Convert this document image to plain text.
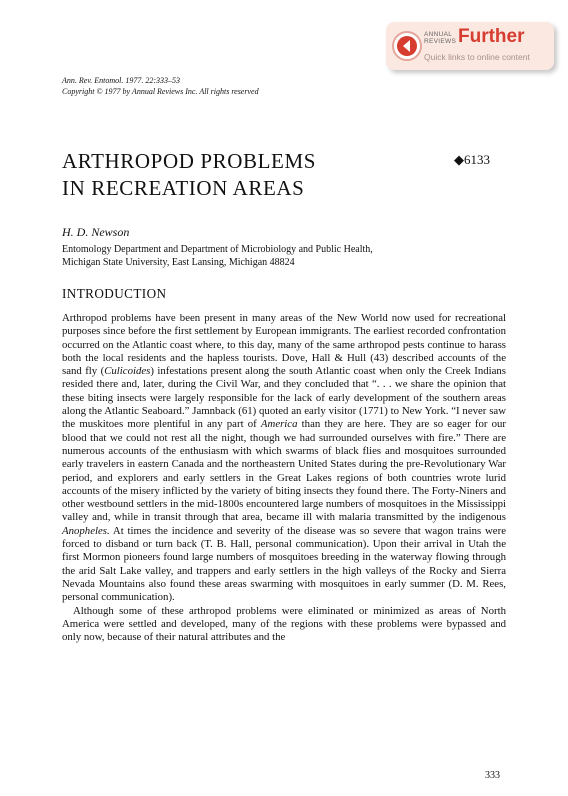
ANNUAL
REVIEWS Further
Quick links to online content
Ann. Rev. Entomol. 1977. 22:333–53
Copyright © 1977 by Annual Reviews Inc. All rights reserved
ARTHROPOD PROBLEMS
IN RECREATION AREAS
◆6133
H. D. Newson
Entomology Department and Department of Microbiology and Public Health,
Michigan State University, East Lansing, Michigan 48824
INTRODUCTION

Arthropod problems have been present in many areas of the New World now used for recreational purposes since before the first settlement by European immigrants. The earliest recorded confrontation occurred on the Atlantic coast where, to this day, many of the same arthropod pests continue to harass both the local residents and the hapless tourists. Dove, Hall & Hull (43) described accounts of the sand fly (Culicoides) infestations present along the south Atlantic coast when only the Creek Indians resided there and, later, during the Civil War, and they concluded that “. . . we share the opinion that these biting insects were largely responsible for the lack of early development of the southern areas along the Atlantic Seaboard.” Jamnback (61) quoted an early visitor (1771) to New York. “I never saw the muskitoes more plentiful in any part of America than they are here. They are so eager for our blood that we could not rest all the night, though we had surrounded ourselves with fire.” There are numerous accounts of the enthusiasm with which swarms of black flies and mosquitoes surrounded early travelers in eastern Canada and the northeastern United States during the pre-Revolutionary War period, and explorers and early settlers in the Great Lakes regions of both countries wrote lurid accounts of the misery inflicted by the variety of biting insects they found there. The Forty-Niners and other westbound settlers in the mid-1800s encountered large numbers of mosquitoes in the Mississippi valley and, while in transit through that area, became ill with malaria transmitted by the indigenous Anopheles. At times the incidence and severity of the disease was so severe that wagon trains were forced to disband or turn back (T. B. Hall, personal communication). Upon their arrival in Utah the first Mormon pioneers found large numbers of mosquitoes breeding in the waterway flowing through the arid Salt Lake valley, and trappers and early settlers in the high valleys of the Rocky and Sierra Nevada Mountains also found these areas swarming with mosquitoes in early summer (D. M. Rees, personal communication).

Although some of these arthropod problems were eliminated or minimized as areas of North America were settled and developed, many of the regions with these problems were bypassed and only now, because of their natural attributes and the

333
